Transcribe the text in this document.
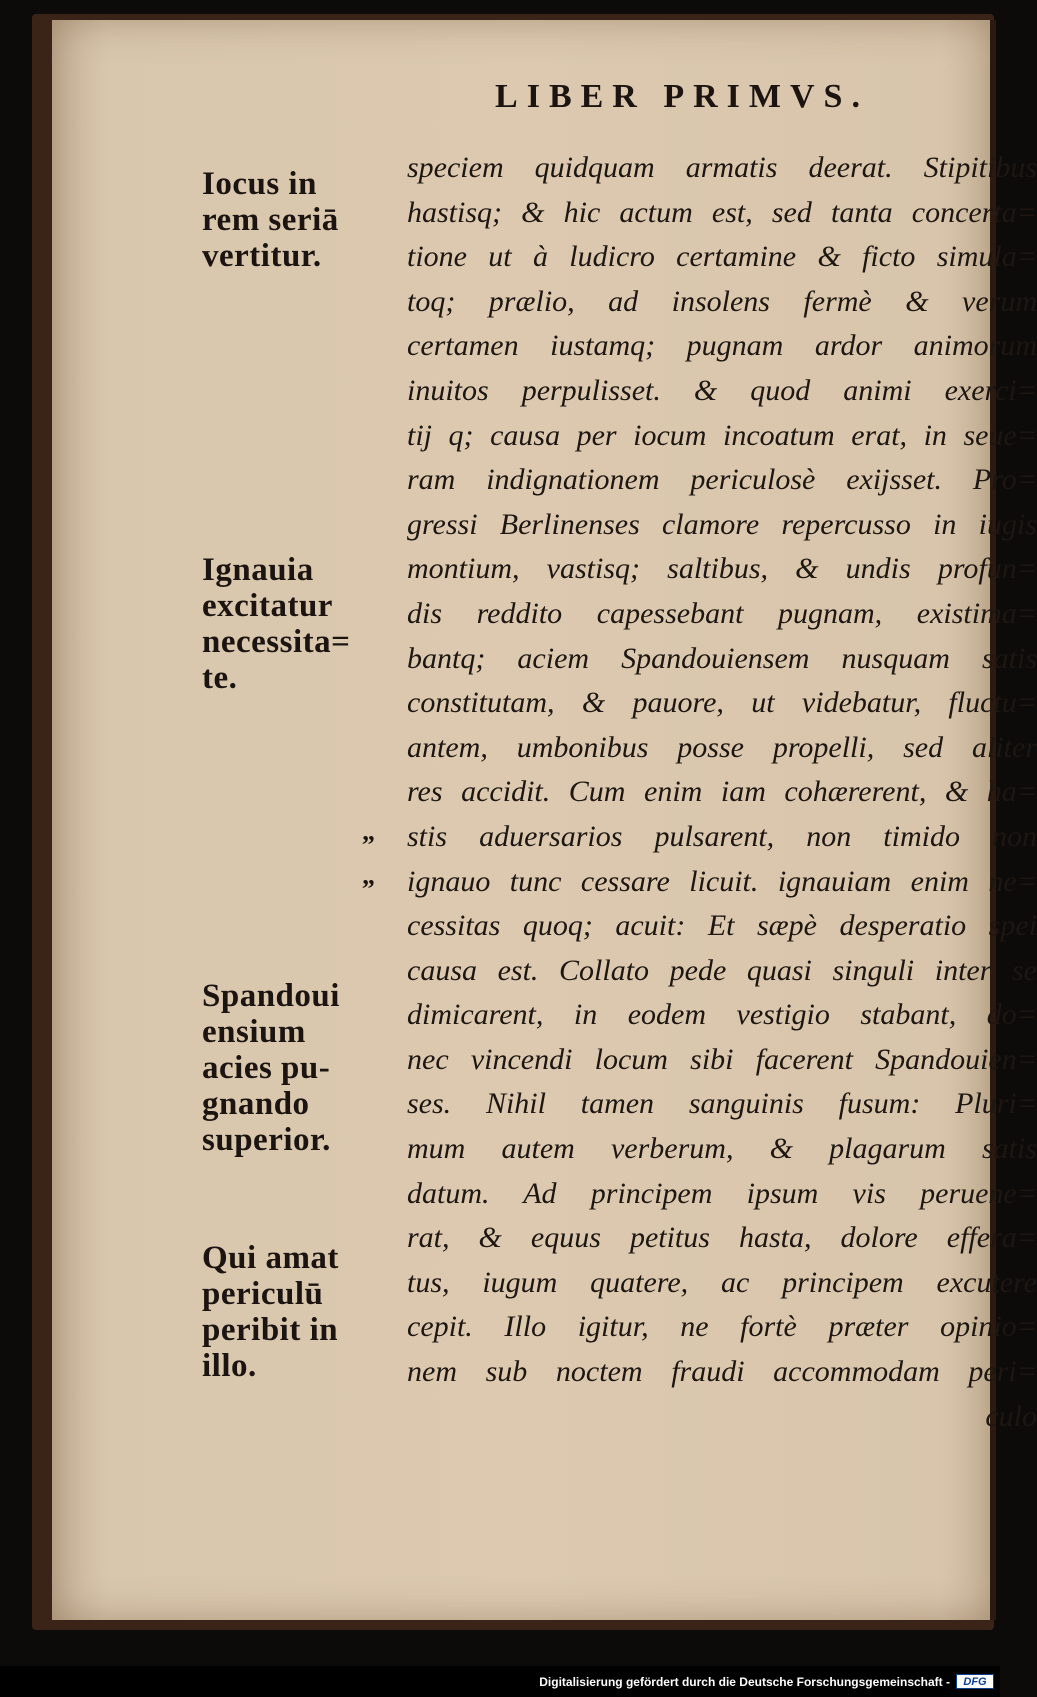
LIBER PRIMVS.
speciem quidquam armatis deerat. Stipitibus
hastisq; & hic actum est, sed tanta concerta=
tione ut à ludicro certamine & ficto simula=
toq; prælio, ad insolens fermè & verum
certamen iustamq; pugnam ardor animorum
inuitos perpulisset. & quod animi exerci=
tij q; causa per iocum incoatum erat, in seue=
ram indignationem periculosè exijsset. Pro=
gressi Berlinenses clamore repercusso in iugis
montium, vastisq; saltibus, & undis profun=
dis reddito capessebant pugnam, existima=
bantq; aciem Spandouiensem nusquam satis
constitutam, & pauore, ut videbatur, fluctu=
antem, umbonibus posse propelli, sed aliter
res accidit. Cum enim iam cohærerent, & ha=
stis aduersarios pulsarent, non timido non
ignauo tunc cessare licuit. ignauiam enim ne=
cessitas quoq; acuit: Et sæpè desperatio spei
causa est. Collato pede quasi singuli inter se
dimicarent, in eodem vestigio stabant, do=
nec vincendi locum sibi facerent Spandouien=
ses. Nihil tamen sanguinis fusum: Pluri=
mum autem verberum, & plagarum satis
datum. Ad principem ipsum vis peruene=
rat, & equus petitus hasta, dolore effera=
tus, iugum quatere, ac principem excutere
cepit. Illo igitur, ne fortè præter opinio=
nem sub noctem fraudi accommodam peri=
culo
Iocus in
rem seriā
vertitur.
Ignauia
excitatur
necessita=
te.
Spandoui
ensium
acies pu-
gnando
superior.
Qui amat
periculū
peribit in
illo.
„
„
Digitalisierung gefördert durch die Deutsche Forschungsgemeinschaft -	DFG
